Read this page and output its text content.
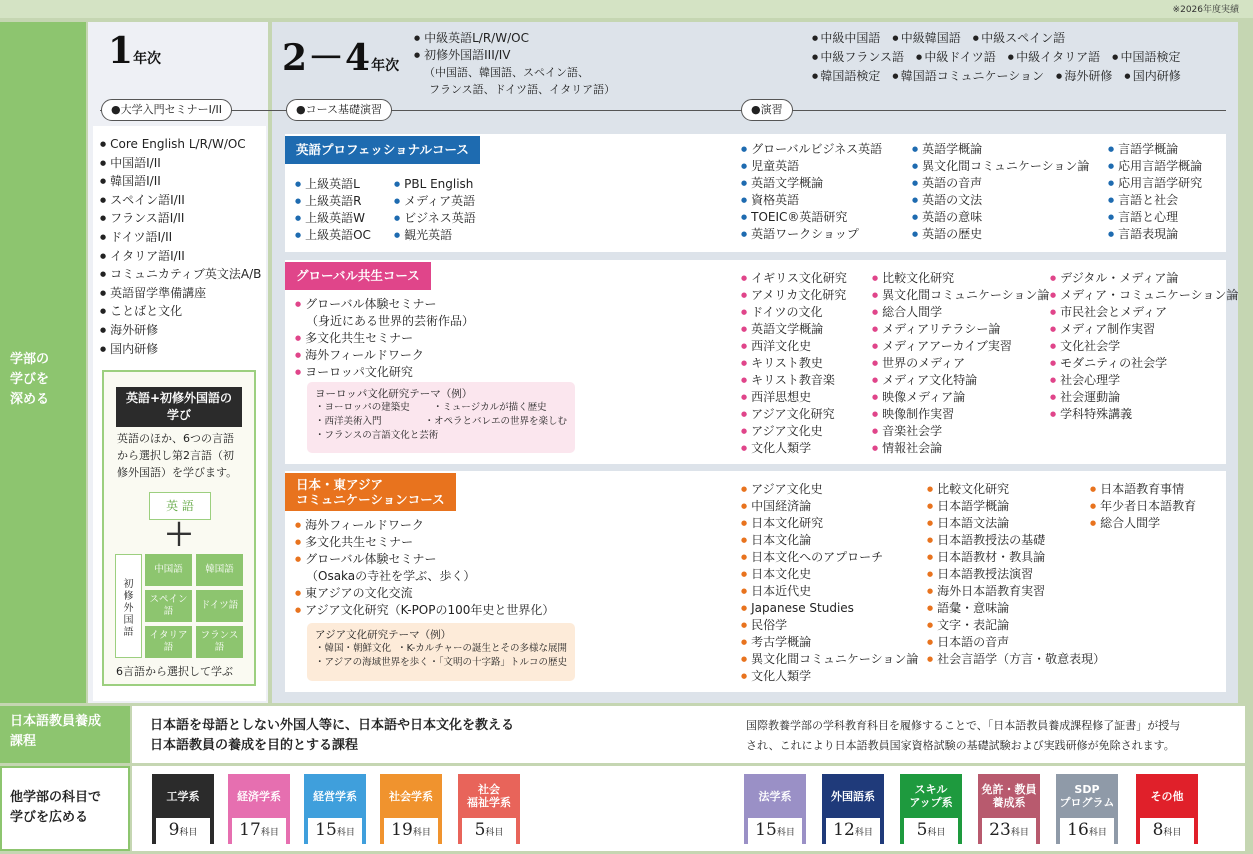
※2026年度実績
学部の
学びを
深める
1年次	2－4年次
● 中級英語L/R/W/OC
● 初修外国語III/IV
（中国語、韓国語、スペイン語、
フランス語、ドイツ語、イタリア語）
● 中級中国語 ● 中級韓国語 ● 中級スペイン語
● 中級フランス語 ● 中級ドイツ語 ● 中級イタリア語 ● 中国語検定
● 韓国語検定 ● 韓国語コミュニケーション ● 海外研修 ● 国内研修
●大学入門セミナーI/II	●コース基礎演習	●演習
● Core English L/R/W/OC
● 中国語I/II
● 韓国語I/II
● スペイン語I/II
● フランス語I/II
● ドイツ語I/II
● イタリア語I/II
● コミュニカティブ英文法A/B
● 英語留学準備講座
● ことばと文化
● 海外研修
● 国内研修
英語+初修外国語の
学び
英語のほか、6つの言語
から選択し第2言語（初
修外国語）を学びます。
英 語
＋
初
修
外
国
語
中国語 韓国語
スペイン
語
ドイツ語
イタリア
語
フランス
語
6言語から選択して学ぶ
英語プロフェッショナルコース
● 上級英語L
● 上級英語R
● 上級英語W
● 上級英語OC
● PBL English
● メディア英語
● ビジネス英語
● 観光英語
● グローバルビジネス英語
● 児童英語
● 英語文学概論
● 資格英語
● TOEIC®英語研究
● 英語ワークショップ
● 英語学概論
● 異文化間コミュニケーション論
● 英語の音声
● 英語の文法
● 英語の意味
● 英語の歴史
● 言語学概論
● 応用言語学概論
● 応用言語学研究
● 言語と社会
● 言語と心理
● 言語表現論
グローバル共生コース
● グローバル体験セミナー
（身近にある世界的芸術作品）
● 多文化共生セミナー
● 海外フィールドワーク
● ヨーロッパ文化研究
ヨーロッパ文化研究テーマ（例）
・ヨーロッパの建築史	・ミュージカルが描く歴史
・西洋美術入門	・オペラとバレエの世界を楽しむ
・フランスの言語文化と芸術
● イギリス文化研究
● アメリカ文化研究
● ドイツの文化
● 英語文学概論
● 西洋文化史
● キリスト教史
● キリスト教音楽
● 西洋思想史
● アジア文化研究
● アジア文化史
● 文化人類学
● 比較文化研究
● 異文化間コミュニケーション論
● 総合人間学
● メディアリテラシー論
● メディアアーカイブ実習
● 世界のメディア
● メディア文化特論
● 映像メディア論
● 映像制作実習
● 音楽社会学
● 情報社会論
● デジタル・メディア論
● メディア・コミュニケーション論
● 市民社会とメディア
● メディア制作実習
● 文化社会学
● モダニティの社会学
● 社会心理学
● 社会運動論
● 学科特殊講義
日本・東アジア
コミュニケーションコース
● 海外フィールドワーク
● 多文化共生セミナー
● グローバル体験セミナー
（Osakaの寺社を学ぶ、歩く）
● 東アジアの文化交流
● アジア文化研究（K-POPの100年史と世界化）
アジア文化研究テーマ（例）
・韓国・朝鮮文化 ・K-カルチャーの誕生とその多様な展開
・アジアの海域世界を歩く ・「文明の十字路」トルコの歴史
● アジア文化史
● 中国経済論
● 日本文化研究
● 日本文化論
● 日本文化へのアプローチ
● 日本文化史
● 日本近代史
● Japanese Studies
● 民俗学
● 考古学概論
● 異文化間コミュニケーション論
● 文化人類学
● 比較文化研究
● 日本語学概論
● 日本語文法論
● 日本語教授法の基礎
● 日本語教材・教具論
● 日本語教授法演習
● 海外日本語教育実習
● 語彙・意味論
● 文字・表記論
● 日本語の音声
● 社会言語学（方言・敬意表現）
● 日本語教育事情
● 年少者日本語教育
● 総合人間学
日本語教員養成
課程
日本語を母語としない外国人等に、日本語や日本文化を教える
日本語教員の養成を目的とする課程
国際教養学部の学科教育科目を履修することで、「日本語教員養成課程修了証書」が授与
され、これにより日本語教員国家資格試験の基礎試験および実践研修が免除されます。
他学部の科目で
学びを広める
工学系
9科目
経済学系
17科目
経営学系
15科目
社会学系
19科目
社会
福祉学系
5科目
法学系
15科目
外国語系
12科目
スキル
アップ系
5科目
免許・教員
養成系
23科目
SDP
プログラム
16科目
その他
8科目
